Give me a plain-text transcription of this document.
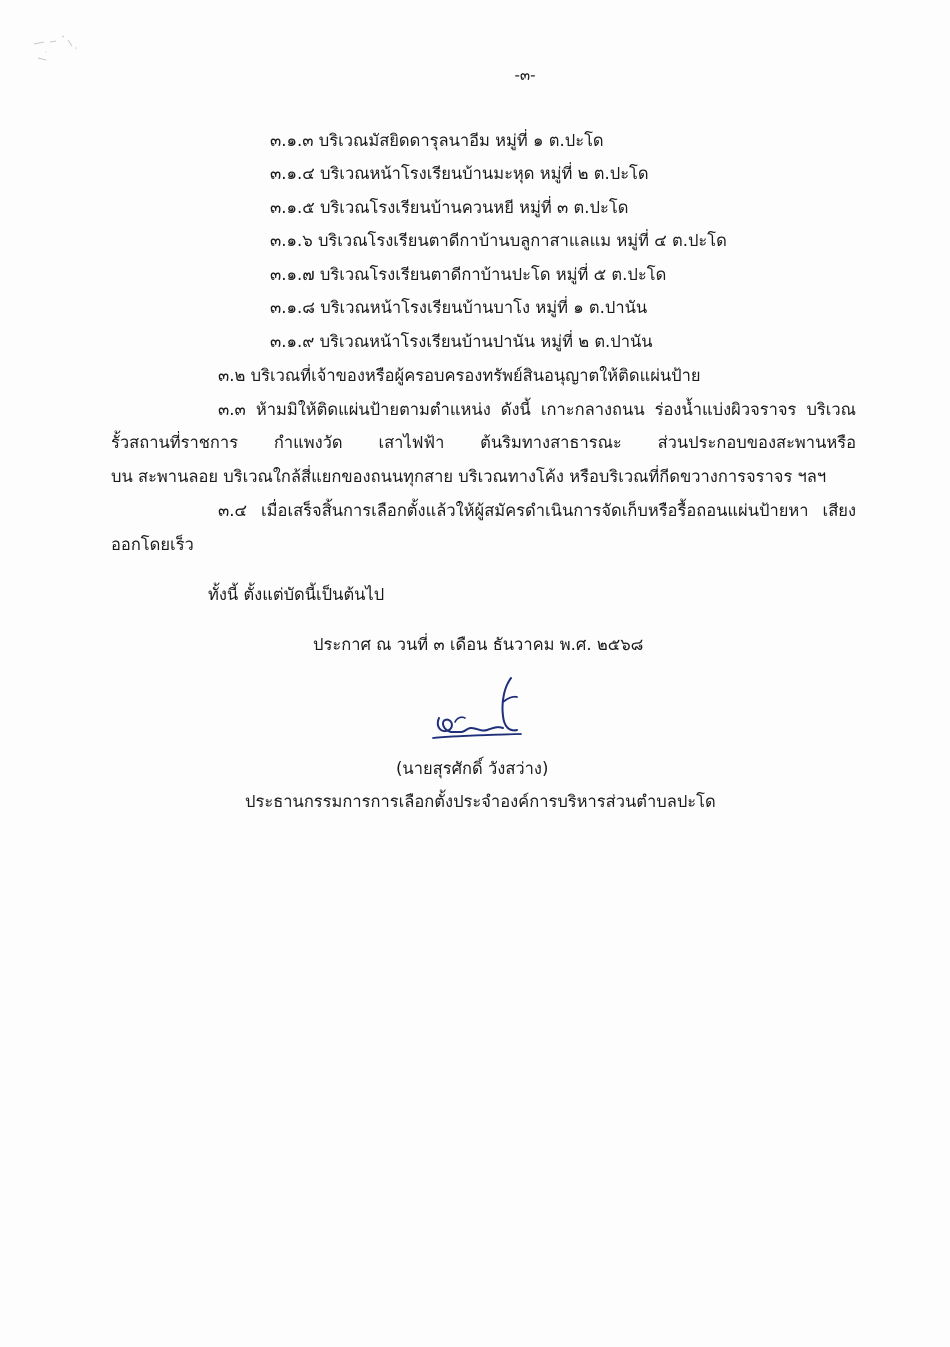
-๓-
๓.๑.๓ บริเวณมัสยิดดารุลนาอีม หมู่ที่ ๑ ต.ปะโด
๓.๑.๔ บริเวณหน้าโรงเรียนบ้านมะหุด หมู่ที่ ๒ ต.ปะโด
๓.๑.๕ บริเวณโรงเรียนบ้านควนหยี หมู่ที่ ๓ ต.ปะโด
๓.๑.๖ บริเวณโรงเรียนตาดีกาบ้านบลูกาสาแลแม หมู่ที่ ๔ ต.ปะโด
๓.๑.๗ บริเวณโรงเรียนตาดีกาบ้านปะโด หมู่ที่ ๕ ต.ปะโด
๓.๑.๘ บริเวณหน้าโรงเรียนบ้านบาโง หมู่ที่ ๑ ต.ปานัน
๓.๑.๙ บริเวณหน้าโรงเรียนบ้านปานัน หมู่ที่ ๒ ต.ปานัน
๓.๒ บริเวณที่เจ้าของหรือผู้ครอบครองทรัพย์สินอนุญาตให้ติดแผ่นป้าย
๓.๓ ห้ามมิให้ติดแผ่นป้ายตามตำแหน่ง ดังนี้ เกาะกลางถนน ร่องน้ำแบ่งผิวจราจร บริเวณ
รั้วสถานที่ราชการ กำแพงวัด เสาไฟฟ้า ต้นริมทางสาธารณะ ส่วนประกอบของสะพานหรือ
บน สะพานลอย บริเวณใกล้สี่แยกของถนนทุกสาย บริเวณทางโค้ง หรือบริเวณที่กีดขวางการจราจร ฯลฯ
๓.๔ เมื่อเสร็จสิ้นการเลือกตั้งแล้วให้ผู้สมัครดำเนินการจัดเก็บหรือรื้อถอนแผ่นป้ายหา เสียง
ออกโดยเร็ว
ทั้งนี้ ตั้งแต่บัดนี้เป็นต้นไป
ประกาศ ณ วนที่ ๓ เดือน ธันวาคม พ.ศ. ๒๕๖๘
(นายสุรศักดิ์ วังสว่าง)
ประธานกรรมการการเลือกตั้งประจำองค์การบริหารส่วนตำบลปะโด
